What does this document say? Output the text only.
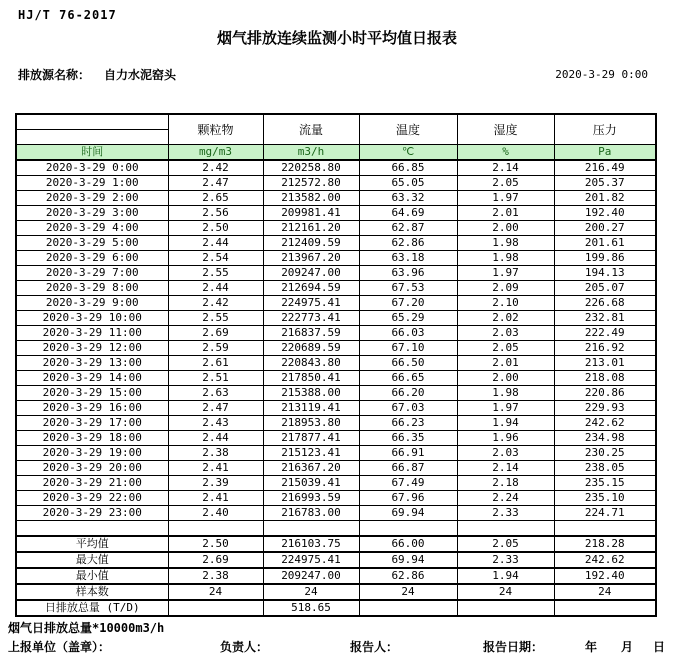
HJ/T 76-2017
烟气排放连续监测小时平均值日报表
排放源名称： 自力水泥窑头	2020-3-29 0:00
	颗粒物	流量	温度	湿度	压力

时间	mg/m3	m3/h	℃	%	Pa
2020-3-29 0:00	2.42	220258.80	66.85	2.14	216.49
2020-3-29 1:00	2.47	212572.80	65.05	2.05	205.37
2020-3-29 2:00	2.65	213582.00	63.32	1.97	201.82
2020-3-29 3:00	2.56	209981.41	64.69	2.01	192.40
2020-3-29 4:00	2.50	212161.20	62.87	2.00	200.27
2020-3-29 5:00	2.44	212409.59	62.86	1.98	201.61
2020-3-29 6:00	2.54	213967.20	63.18	1.98	199.86
2020-3-29 7:00	2.55	209247.00	63.96	1.97	194.13
2020-3-29 8:00	2.44	212694.59	67.53	2.09	205.07
2020-3-29 9:00	2.42	224975.41	67.20	2.10	226.68
2020-3-29 10:00	2.55	222773.41	65.29	2.02	232.81
2020-3-29 11:00	2.69	216837.59	66.03	2.03	222.49
2020-3-29 12:00	2.59	220689.59	67.10	2.05	216.92
2020-3-29 13:00	2.61	220843.80	66.50	2.01	213.01
2020-3-29 14:00	2.51	217850.41	66.65	2.00	218.08
2020-3-29 15:00	2.63	215388.00	66.20	1.98	220.86
2020-3-29 16:00	2.47	213119.41	67.03	1.97	229.93
2020-3-29 17:00	2.43	218953.80	66.23	1.94	242.62
2020-3-29 18:00	2.44	217877.41	66.35	1.96	234.98
2020-3-29 19:00	2.38	215123.41	66.91	2.03	230.25
2020-3-29 20:00	2.41	216367.20	66.87	2.14	238.05
2020-3-29 21:00	2.39	215039.41	67.49	2.18	235.15
2020-3-29 22:00	2.41	216993.59	67.96	2.24	235.10
2020-3-29 23:00	2.40	216783.00	69.94	2.33	224.71

平均值	2.50	216103.75	66.00	2.05	218.28
最大值	2.69	224975.41	69.94	2.33	242.62
最小值	2.38	209247.00	62.86	1.94	192.40
样本数	24	24	24	24	24
日排放总量 (T/D)		518.65			
烟气日排放总量*10000m3/h
上报单位（盖章）：	负责人：	报告人：	报告日期：	年 月 日
